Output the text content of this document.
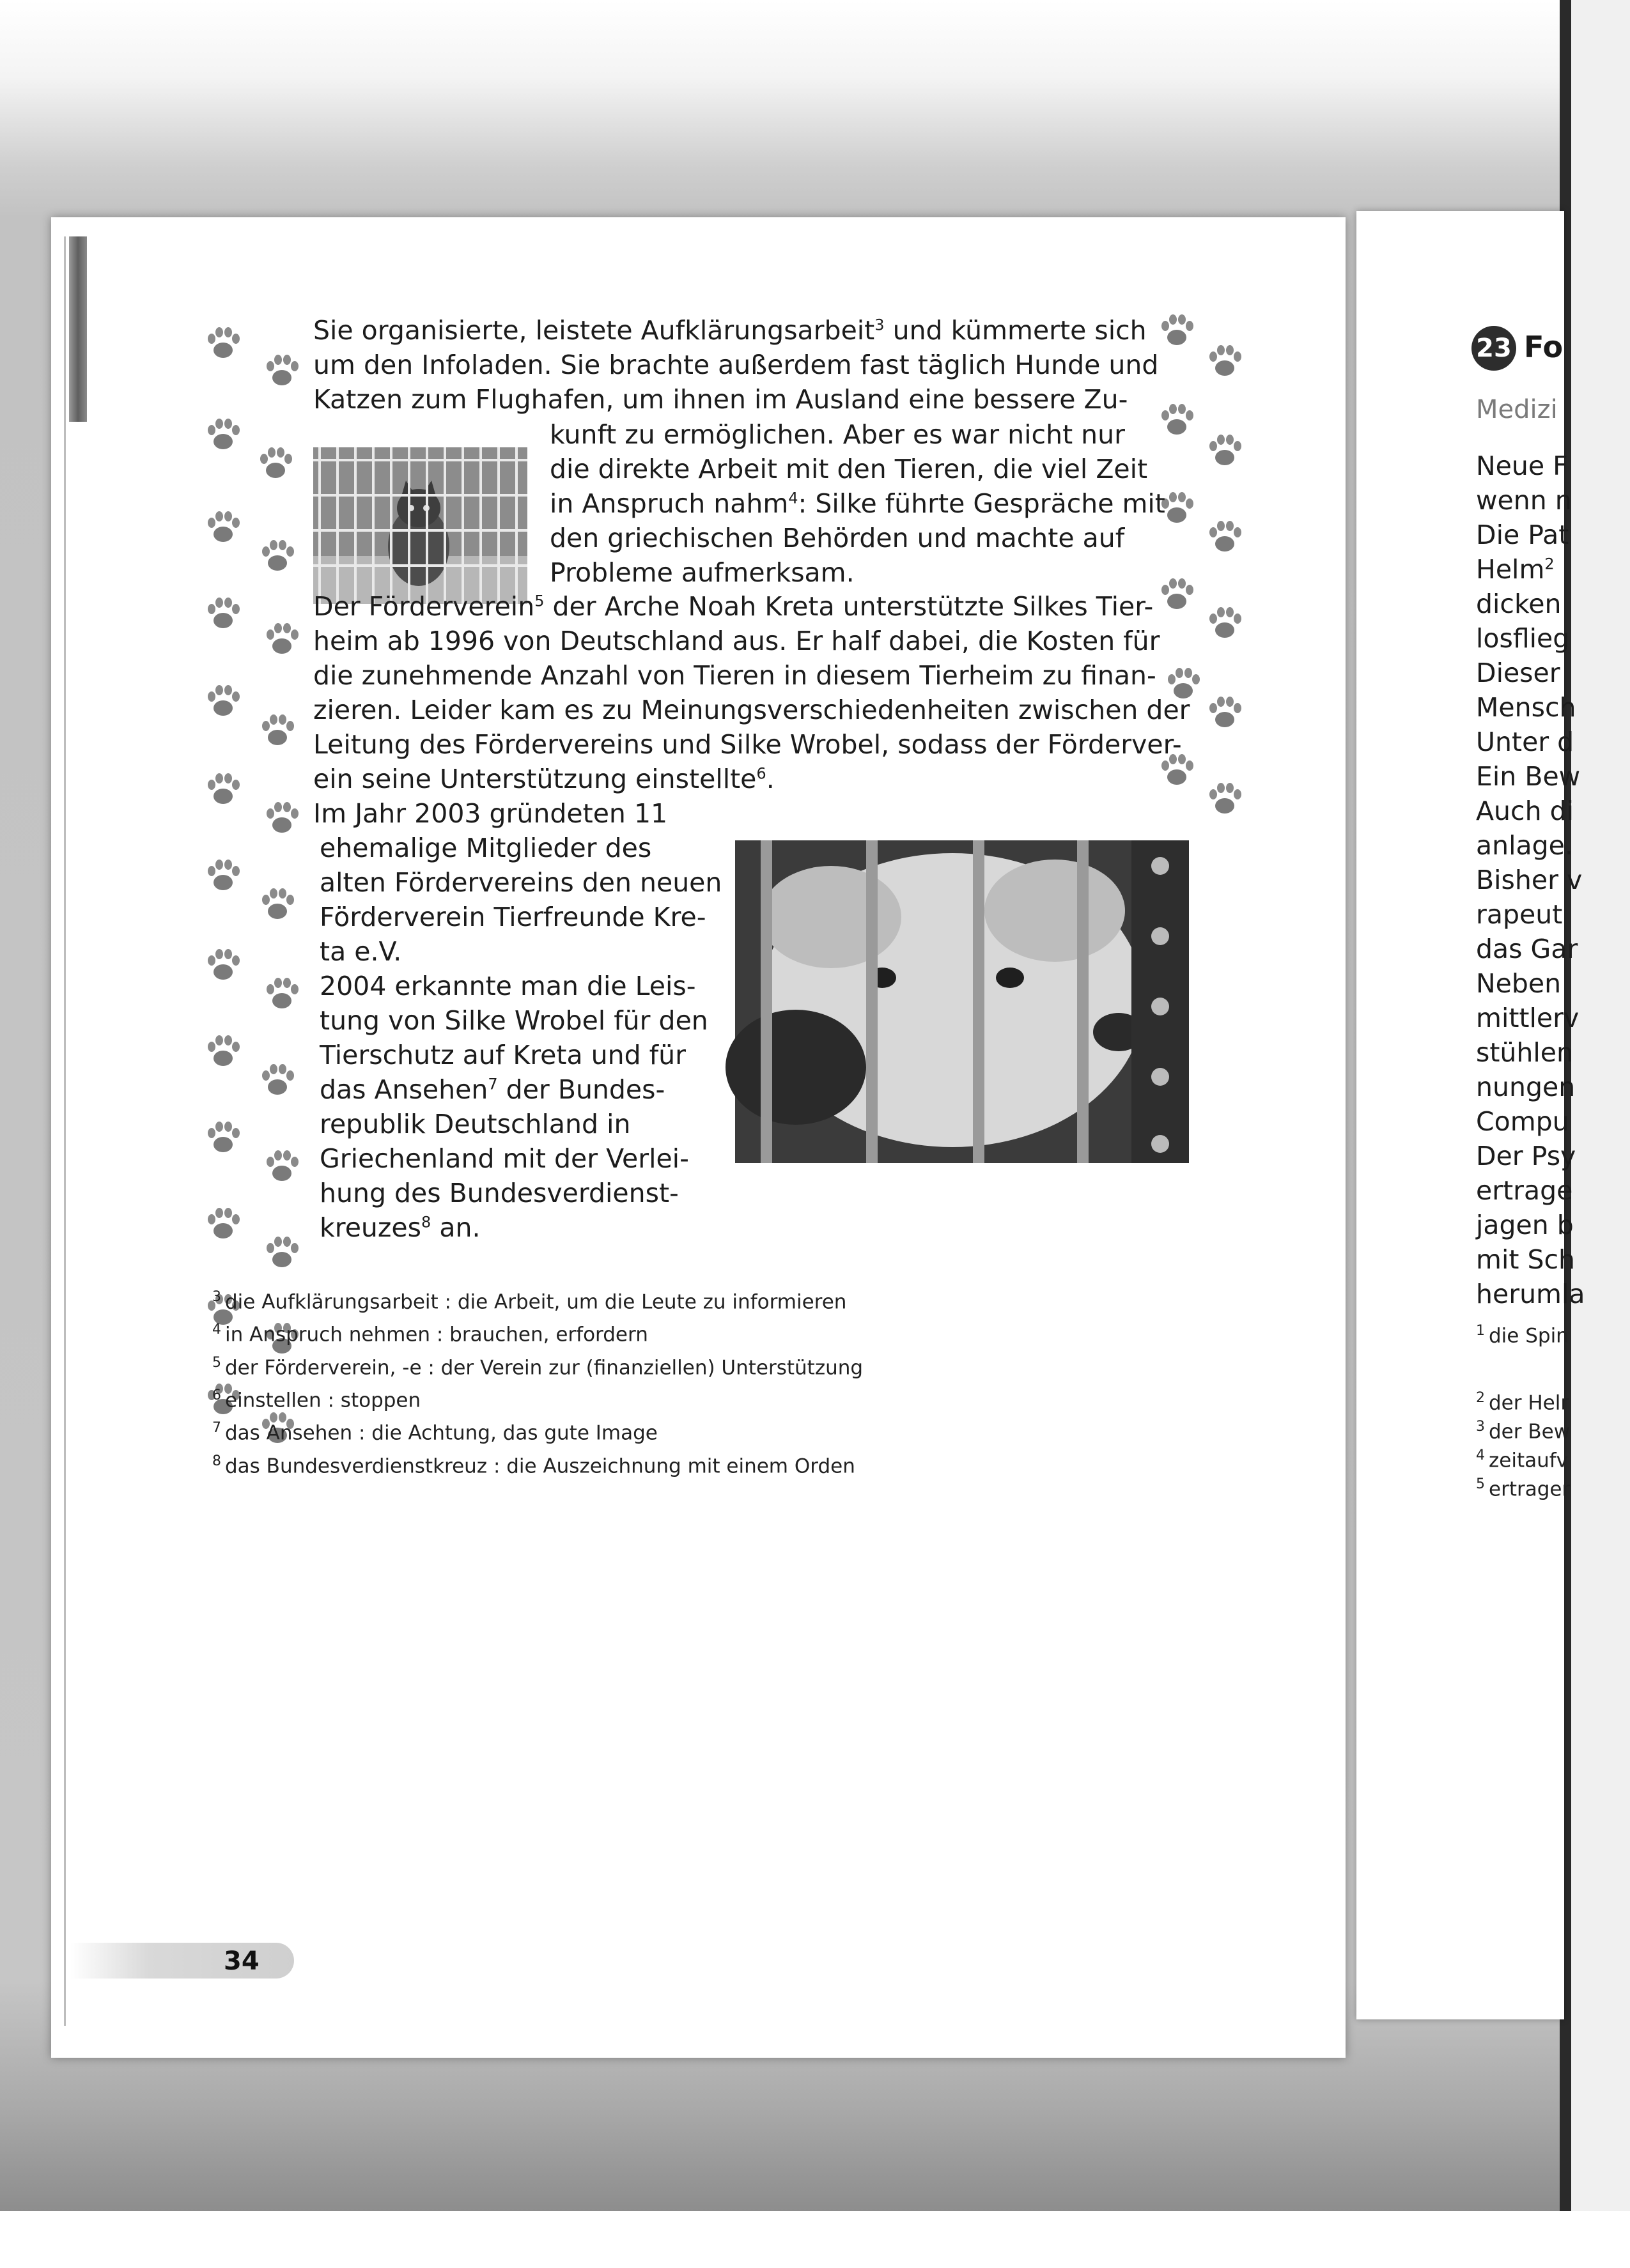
Sie organisierte, leistete Aufklärungsarbeit$^3$ und kümmerte sich

um den Infoladen. Sie brachte außerdem fast täglich Hunde und

Katzen zum Flughafen, um ihnen im Ausland eine bessere Zu-

kunft zu ermöglichen. Aber es war nicht nur

die direkte Arbeit mit den Tieren, die viel Zeit

in Anspruch nahm$^4$: Silke führte Gespräche mit

den griechischen Behörden und machte auf

Probleme aufmerksam.

Der Förderverein$^5$ der Arche Noah Kreta unterstützte Silkes Tier-

heim ab 1996 von Deutschland aus. Er half dabei, die Kosten für

die zunehmende Anzahl von Tieren in diesem Tierheim zu finan-

zieren. Leider kam es zu Meinungsverschiedenheiten zwischen der

Leitung des Fördervereins und Silke Wrobel, sodass der Förderver-

ein seine Unterstützung einstellte$^6$.

Im Jahr 2003 gründeten 11

ehemalige Mitglieder des

alten Fördervereins den neuen

Förderverein Tierfreunde Kre-

ta e.V.

2004 erkannte man die Leis-

tung von Silke Wrobel für den

Tierschutz auf Kreta und für

das Ansehen$^7$ der Bundes-

republik Deutschland in

Griechenland mit der Verlei-

hung des Bundesverdienst-

kreuzes$^8$ an.

$^3$ die Aufklärungsarbeit : die Arbeit, um die Leute zu informieren
$^4$ in Anspruch nehmen : brauchen, erfordern
$^5$ der Förderverein, -e : der Verein zur (finanziellen) Unterstützung
$^6$ einstellen : stoppen
$^7$ das Ansehen : die Achtung, das gute Image
$^8$ das Bundesverdienstkreuz : die Auszeichnung mit einem Orden
34
23 Fo
Medizi
Neue F
wenn n
Die Pat
Helm$^2$
dicken
losflieg
Dieser
Mensch
Unter d
Ein Bew
Auch di
anlage.
Bisher v
rapeut
das Gar
Neben
mittlerv
stühlen
nungen
Compu
Der Psy
ertrage
jagen b
mit Sch
herumla
$^1$ die Spin
$^2$ der Helr
$^3$ der Bew
$^4$ zeitaufv
$^5$ ertrager
